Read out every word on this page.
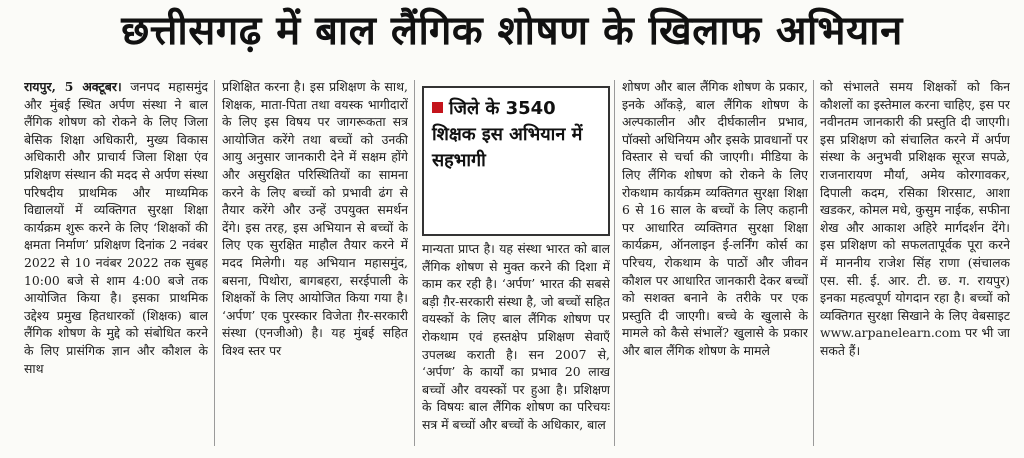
छत्तीसगढ़ में बाल लैंगिक शोषण के खिलाफ अभियान

रायपुर, 5 अक्टूबर। जनपद महासमुंद और मुंबई स्थित अर्पण संस्था ने बाल लैंगिक शोषण को रोकने के लिए जिला बेसिक शिक्षा अधिकारी, मुख्य विकास अधिकारी और प्राचार्य जिला शिक्षा एंव प्रशिक्षण संस्थान की मदद से अर्पण संस्था परिषदीय प्राथमिक और माध्यमिक विद्यालयों में व्यक्तिगत सुरक्षा शिक्षा कार्यक्रम शुरू करने के लिए ‘शिक्षकों की क्षमता निर्माण’ प्रशिक्षण दिनांक 2 नवंबर 2022 से 10 नवंबर 2022 तक सुबह 10:00 बजे से शाम 4:00 बजे तक आयोजित किया है। इसका प्राथमिक उद्देश्य प्रमुख हितधारकों (शिक्षक) बाल लैंगिक शोषण के मुद्दे को संबोधित करने के लिए प्रासंगिक ज्ञान और कौशल के साथ

प्रशिक्षित करना है। इस प्रशिक्षण के साथ, शिक्षक, माता-पिता तथा वयस्क भागीदारों के लिए इस विषय पर जागरूकता सत्र आयोजित करेंगे तथा बच्चों को उनकी आयु अनुसार जानकारी देने में सक्षम होंगे और असुरक्षित परिस्थितियों का सामना करने के लिए बच्चों को प्रभावी ढंग से तैयार करेंगे और उन्हें उपयुक्त समर्थन देंगे। इस तरह, इस अभियान से बच्चों के लिए एक सुरक्षित माहौल तैयार करने में मदद मिलेगी। यह अभियान महासमुंद, बसना, पिथोरा, बागबहरा, सरईपाली के शिक्षकों के लिए आयोजित किया गया है। ‘अर्पण’ एक पुरस्कार विजेता ग़ैर-सरकारी संस्था (एनजीओ) है। यह मुंबई सहित विश्व स्तर पर

जिले के 3540 शिक्षक इस अभियान में सहभागी

मान्यता प्राप्त है। यह संस्था भारत को बाल लैंगिक शोषण से मुक्त करने की दिशा में काम कर रही है। ‘अर्पण’ भारत की सबसे बड़ी ग़ैर-सरकारी संस्था है, जो बच्चों सहित वयस्कों के लिए बाल लैंगिक शोषण पर रोकथाम एवं हस्तक्षेप प्रशिक्षण सेवाएँ उपलब्ध कराती है। सन 2007 से, ‘अर्पण’ के कार्यों का प्रभाव 20 लाख बच्चों और वयस्कों पर हुआ है। प्रशिक्षण के विषयः बाल लैंगिक शोषण का परिचयः सत्र में बच्चों और बच्चों के अधिकार, बाल

शोषण और बाल लैंगिक शोषण के प्रकार, इनके आँकड़े, बाल लैंगिक शोषण के अल्पकालीन और दीर्घकालीन प्रभाव, पॉक्सो अधिनियम और इसके प्रावधानों पर विस्तार से चर्चा की जाएगी। मीडिया के लिए लैंगिक शोषण को रोकने के लिए रोकथाम कार्यक्रम व्यक्तिगत सुरक्षा शिक्षा 6 से 16 साल के बच्चों के लिए कहानी पर आधारित व्यक्तिगत सुरक्षा शिक्षा कार्यक्रम, ऑनलाइन ई-लर्निंग कोर्स का परिचय, रोकथाम के पाठों और जीवन कौशल पर आधारित जानकारी देकर बच्चों को सशक्त बनाने के तरीके पर एक प्रस्तुति दी जाएगी। बच्चे के खुलासे के मामले को कैसे संभालें? खुलासे के प्रकार और बाल लैंगिक शोषण के मामले

को संभालते समय शिक्षकों को किन कौशलों का इस्तेमाल करना चाहिए, इस पर नवीनतम जानकारी की प्रस्तुति दी जाएगी। इस प्रशिक्षण को संचालित करने में अर्पण संस्था के अनुभवी प्रशिक्षक सूरज सपळे, राजनारायण मौर्या, अमेय कोरगावकर, दिपाली कदम, रसिका शिरसाट, आशा खडकर, कोमल मधे, कुसुम नाईक, सफीना शेख और आकाश अहिरे मार्गदर्शन देंगे। इस प्रशिक्षण को सफलतापूर्वक पूरा करने में माननीय राजेश सिंह राणा (संचालक एस. सी. ई. आर. टी. छ. ग. रायपुर) इनका महत्वपूर्ण योगदान रहा है। बच्चों को व्यक्तिगत सुरक्षा सिखाने के लिए वेबसाइट www.arpanelearn.com पर भी जा सकते हैं।
